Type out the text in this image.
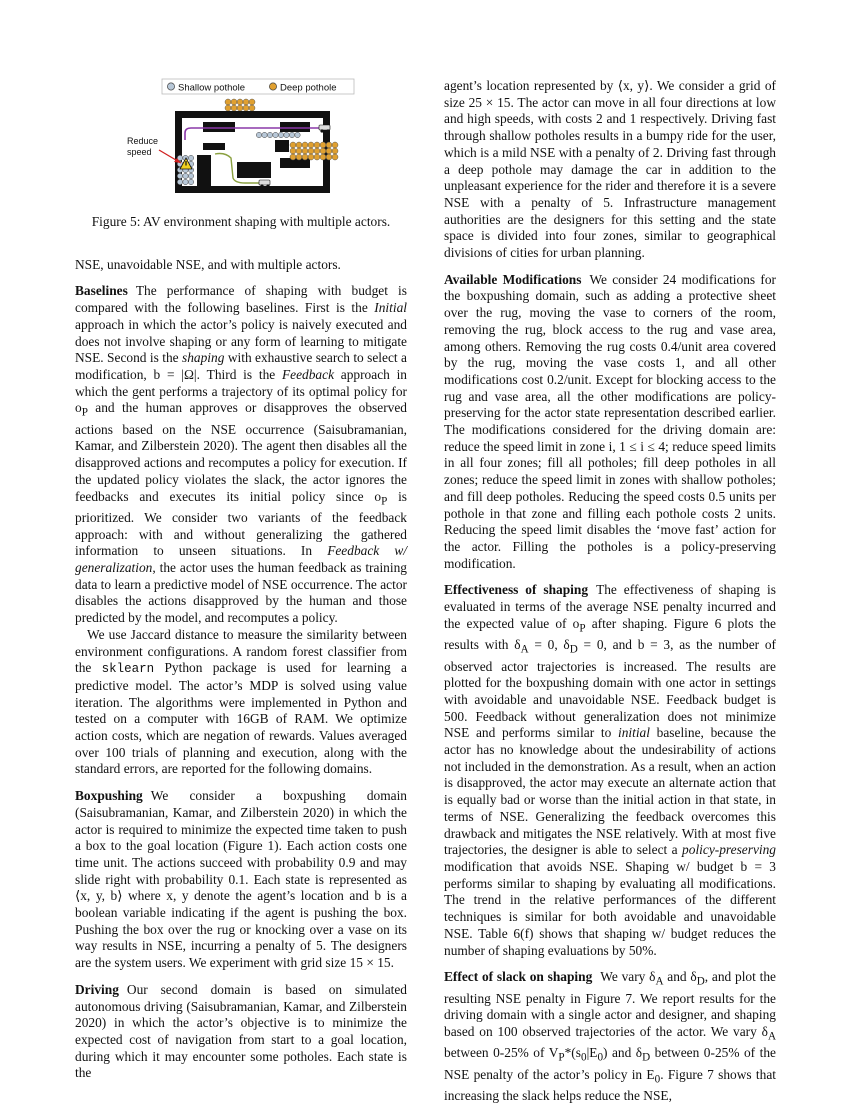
Shallow pothole	Deep pothole
Reduce
speed

Figure 5: AV environment shaping with multiple actors.

NSE, unavoidable NSE, and with multiple actors.

Baselines The performance of shaping with budget is compared with the following baselines. First is the Initial approach in which the actor’s policy is naively executed and does not involve shaping or any form of learning to mitigate NSE. Second is the shaping with exhaustive search to select a modification, b = |Ω|. Third is the Feedback approach in which the gent performs a trajectory of its optimal policy for $o_P$ and the human approves or disapproves the observed actions based on the NSE occurrence (Saisubramanian, Kamar, and Zilberstein 2020). The agent then disables all the disapproved actions and recomputes a policy for execution. If the updated policy violates the slack, the actor ignores the feedbacks and executes its initial policy since $o_P$ is prioritized. We consider two variants of the feedback approach: with and without generalizing the gathered information to unseen situations. In Feedback w/ generalization, the actor uses the human feedback as training data to learn a predictive model of NSE occurrence. The actor disables the actions disapproved by the human and those predicted by the model, and recomputes a policy.

We use Jaccard distance to measure the similarity between environment configurations. A random forest classifier from the sklearn Python package is used for learning a predictive model. The actor’s MDP is solved using value iteration. The algorithms were implemented in Python and tested on a computer with 16GB of RAM. We optimize action costs, which are negation of rewards. Values averaged over 100 trials of planning and execution, along with the standard errors, are reported for the following domains.

Boxpushing We consider a boxpushing domain (Saisubramanian, Kamar, and Zilberstein 2020) in which the actor is required to minimize the expected time taken to push a box to the goal location (Figure 1). Each action costs one time unit. The actions succeed with probability 0.9 and may slide right with probability 0.1. Each state is represented as ⟨x, y, b⟩ where x, y denote the agent’s location and b is a boolean variable indicating if the agent is pushing the box. Pushing the box over the rug or knocking over a vase on its way results in NSE, incurring a penalty of 5. The designers are the system users. We experiment with grid size 15 × 15.

Driving Our second domain is based on simulated autonomous driving (Saisubramanian, Kamar, and Zilberstein 2020) in which the actor’s objective is to minimize the expected cost of navigation from start to a goal location, during which it may encounter some potholes. Each state is the

agent’s location represented by ⟨x, y⟩. We consider a grid of size 25 × 15. The actor can move in all four directions at low and high speeds, with costs 2 and 1 respectively. Driving fast through shallow potholes results in a bumpy ride for the user, which is a mild NSE with a penalty of 2. Driving fast through a deep pothole may damage the car in addition to the unpleasant experience for the rider and therefore it is a severe NSE with a penalty of 5. Infrastructure management authorities are the designers for this setting and the state space is divided into four zones, similar to geographical divisions of cities for urban planning.

Available Modifications We consider 24 modifications for the boxpushing domain, such as adding a protective sheet over the rug, moving the vase to corners of the room, removing the rug, block access to the rug and vase area, among others. Removing the rug costs 0.4/unit area covered by the rug, moving the vase costs 1, and all other modifications cost 0.2/unit. Except for blocking access to the rug and vase area, all the other modifications are policy-preserving for the actor state representation described earlier. The modifications considered for the driving domain are: reduce the speed limit in zone i, 1 ≤ i ≤ 4; reduce speed limits in all four zones; fill all potholes; fill deep potholes in all zones; reduce the speed limit in zones with shallow potholes; and fill deep potholes. Reducing the speed costs 0.5 units per pothole in that zone and filling each pothole costs 2 units. Reducing the speed limit disables the ‘move fast’ action for the actor. Filling the potholes is a policy-preserving modification.

Effectiveness of shaping The effectiveness of shaping is evaluated in terms of the average NSE penalty incurred and the expected value of $o_P$ after shaping. Figure 6 plots the results with $\delta_A = 0$, $\delta_D = 0$, and b = 3, as the number of observed actor trajectories is increased. The results are plotted for the boxpushing domain with one actor in settings with avoidable and unavoidable NSE. Feedback budget is 500. Feedback without generalization does not minimize NSE and performs similar to initial baseline, because the actor has no knowledge about the undesirability of actions not included in the demonstration. As a result, when an action is disapproved, the actor may execute an alternate action that is equally bad or worse than the initial action in that state, in terms of NSE. Generalizing the feedback overcomes this drawback and mitigates the NSE relatively. With at most five trajectories, the designer is able to select a policy-preserving modification that avoids NSE. Shaping w/ budget b = 3 performs similar to shaping by evaluating all modifications. The trend in the relative performances of the different techniques is similar for both avoidable and unavoidable NSE. Table 6(f) shows that shaping w/ budget reduces the number of shaping evaluations by 50%.

Effect of slack on shaping We vary $\delta_A$ and $\delta_D$, and plot the resulting NSE penalty in Figure 7. We report results for the driving domain with a single actor and designer, and shaping based on 100 observed trajectories of the actor. We vary $\delta_A$ between 0-25% of $V_P*(s_0|E_0)$ and $\delta_D$ between 0-25% of the NSE penalty of the actor’s policy in $E_0$. Figure 7 shows that increasing the slack helps reduce the NSE,
